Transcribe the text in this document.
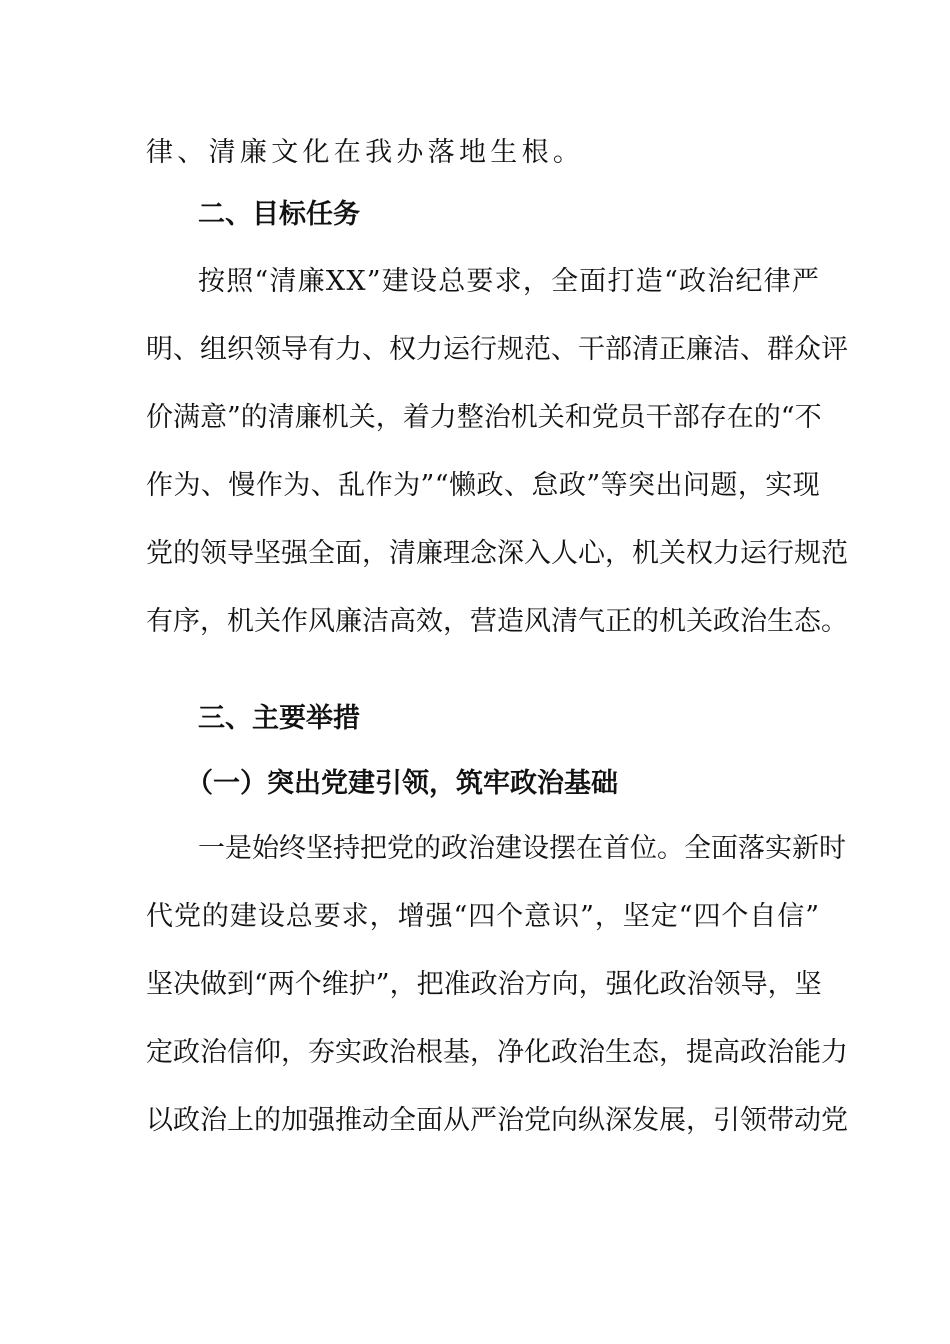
律、清廉文化在我办落地生根。
二、目标任务
按照“清廉XX”建设总要求，全面打造“政治纪律严
明、组织领导有力、权力运行规范、干部清正廉洁、群众评
价满意”的清廉机关，着力整治机关和党员干部存在的“不
作为、慢作为、乱作为”“懒政、怠政”等突出问题，实现
党的领导坚强全面，清廉理念深入人心，机关权力运行规范
有序，机关作风廉洁高效，营造风清气正的机关政治生态。
三、主要举措
（一）突出党建引领，筑牢政治基础
一是始终坚持把党的政治建设摆在首位。全面落实新时
代党的建设总要求，增强“四个意识”，坚定“四个自信”
坚决做到“两个维护”，把准政治方向，强化政治领导，坚
定政治信仰，夯实政治根基，净化政治生态，提高政治能力
以政治上的加强推动全面从严治党向纵深发展，引领带动党
